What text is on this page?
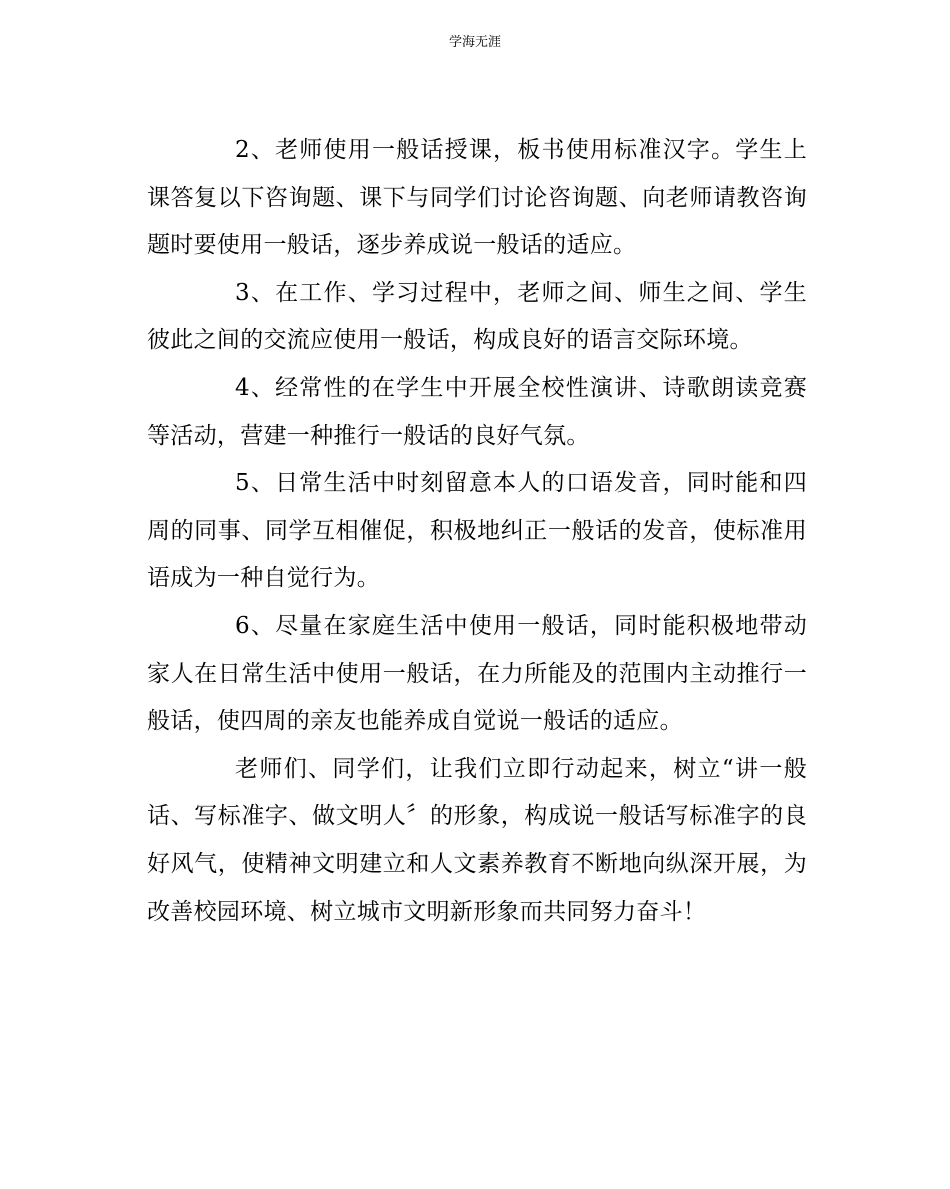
学海无涯

2、老师使用一般话授课，板书使用标准汉字。学生上课答复以下咨询题、课下与同学们讨论咨询题、向老师请教咨询题时要使用一般话，逐步养成说一般话的适应。

3、在工作、学习过程中，老师之间、师生之间、学生彼此之间的交流应使用一般话，构成良好的语言交际环境。

4、经常性的在学生中开展全校性演讲、诗歌朗读竞赛等活动，营建一种推行一般话的良好气氛。

5、日常生活中时刻留意本人的口语发音，同时能和四周的同事、同学互相催促，积极地纠正一般话的发音，使标准用语成为一种自觉行为。

6、尽量在家庭生活中使用一般话，同时能积极地带动家人在日常生活中使用一般话，在力所能及的范围内主动推行一般话，使四周的亲友也能养成自觉说一般话的适应。

老师们、同学们，让我们立即行动起来，树立“讲一般话、写标准字、做文明人〞的形象，构成说一般话写标准字的良好风气，使精神文明建立和人文素养教育不断地向纵深开展，为改善校园环境、树立城市文明新形象而共同努力奋斗！
